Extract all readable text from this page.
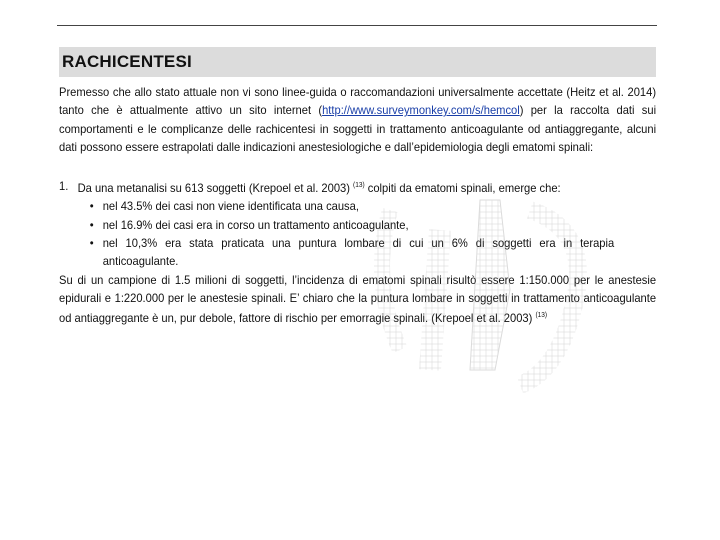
RACHICENTESI
Premesso che allo stato attuale non vi sono linee-guida o raccomandazioni universalmente accettate (Heitz et al. 2014) tanto che è attualmente attivo un sito internet (http://www.surveymonkey.com/s/hemcol) per la raccolta dati sui comportamenti e le complicanze delle rachicentesi in soggetti in trattamento anticoagulante od antiaggregante, alcuni dati possono essere estrapolati dalle indicazioni anestesiologiche e dall’epidemiologia degli ematomi spinali:
1. Da una metanalisi su 613 soggetti (Krepoel et al. 2003) $^{(13)}$ colpiti da ematomi spinali, emerge che:
• nel 43.5% dei casi non viene identificata una causa,
• nel 16.9% dei casi era in corso un trattamento anticoagulante,
• nel 10,3% era stata praticata una puntura lombare di cui un 6% di soggetti era in terapia anticoagulante.
Su di un campione di 1.5 milioni di soggetti, l’incidenza di ematomi spinali risultò essere 1:150.000 per le anestesie epidurali e 1:220.000 per le anestesie spinali. E’ chiaro che la puntura lombare in soggetti in trattamento anticoagulante od antiaggregante è un, pur debole, fattore di rischio per emorragie spinali. (Krepoel et al. 2003) $^{(13)}$
